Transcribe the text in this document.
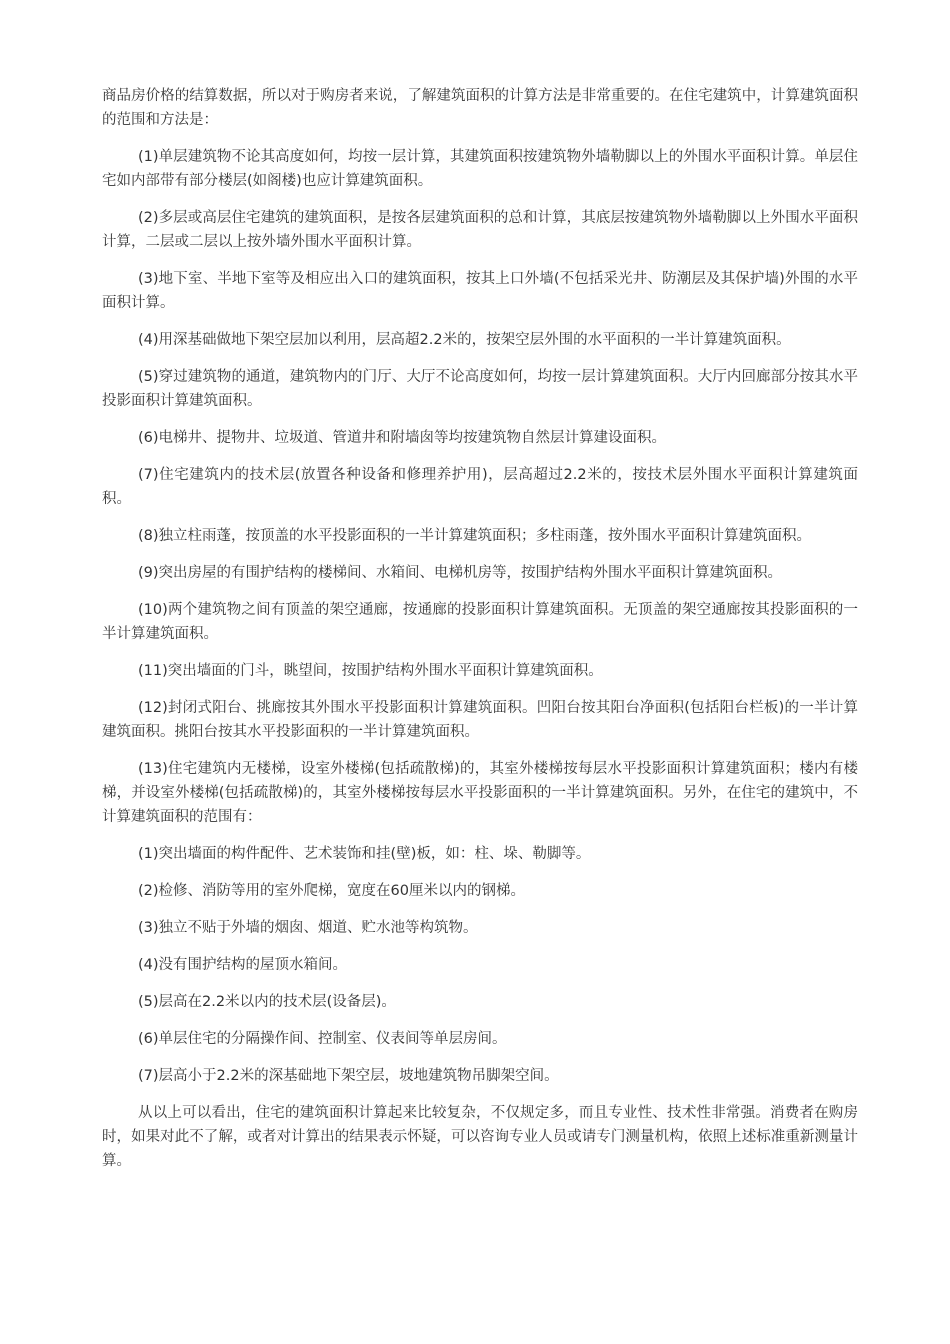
商品房价格的结算数据，所以对于购房者来说，了解建筑面积的计算方法是非常重要的。在住宅建筑中，计算建筑面积的范围和方法是：

(1)单层建筑物不论其高度如何，均按一层计算，其建筑面积按建筑物外墙勒脚以上的外围水平面积计算。单层住宅如内部带有部分楼层(如阁楼)也应计算建筑面积。

(2)多层或高层住宅建筑的建筑面积，是按各层建筑面积的总和计算，其底层按建筑物外墙勒脚以上外围水平面积计算，二层或二层以上按外墙外围水平面积计算。

(3)地下室、半地下室等及相应出入口的建筑面积，按其上口外墙(不包括采光井、防潮层及其保护墙)外围的水平面积计算。

(4)用深基础做地下架空层加以利用，层高超2.2米的，按架空层外围的水平面积的一半计算建筑面积。

(5)穿过建筑物的通道，建筑物内的门厅、大厅不论高度如何，均按一层计算建筑面积。大厅内回廊部分按其水平投影面积计算建筑面积。

(6)电梯井、提物井、垃圾道、管道井和附墙囱等均按建筑物自然层计算建设面积。

(7)住宅建筑内的技术层(放置各种设备和修理养护用)，层高超过2.2米的，按技术层外围水平面积计算建筑面积。

(8)独立柱雨蓬，按顶盖的水平投影面积的一半计算建筑面积；多柱雨蓬，按外围水平面积计算建筑面积。

(9)突出房屋的有围护结构的楼梯间、水箱间、电梯机房等，按围护结构外围水平面积计算建筑面积。

(10)两个建筑物之间有顶盖的架空通廊，按通廊的投影面积计算建筑面积。无顶盖的架空通廊按其投影面积的一半计算建筑面积。

(11)突出墙面的门斗，眺望间，按围护结构外围水平面积计算建筑面积。

(12)封闭式阳台、挑廊按其外围水平投影面积计算建筑面积。凹阳台按其阳台净面积(包括阳台栏板)的一半计算建筑面积。挑阳台按其水平投影面积的一半计算建筑面积。

(13)住宅建筑内无楼梯，设室外楼梯(包括疏散梯)的，其室外楼梯按每层水平投影面积计算建筑面积；楼内有楼梯，并设室外楼梯(包括疏散梯)的，其室外楼梯按每层水平投影面积的一半计算建筑面积。另外，在住宅的建筑中，不计算建筑面积的范围有：

(1)突出墙面的构件配件、艺术装饰和挂(壁)板，如：柱、垛、勒脚等。

(2)检修、消防等用的室外爬梯，宽度在60厘米以内的钢梯。

(3)独立不贴于外墙的烟囱、烟道、贮水池等构筑物。

(4)没有围护结构的屋顶水箱间。

(5)层高在2.2米以内的技术层(设备层)。

(6)单层住宅的分隔操作间、控制室、仪表间等单层房间。

(7)层高小于2.2米的深基础地下架空层，坡地建筑物吊脚架空间。

从以上可以看出，住宅的建筑面积计算起来比较复杂，不仅规定多，而且专业性、技术性非常强。消费者在购房时，如果对此不了解，或者对计算出的结果表示怀疑，可以咨询专业人员或请专门测量机构，依照上述标准重新测量计算。
